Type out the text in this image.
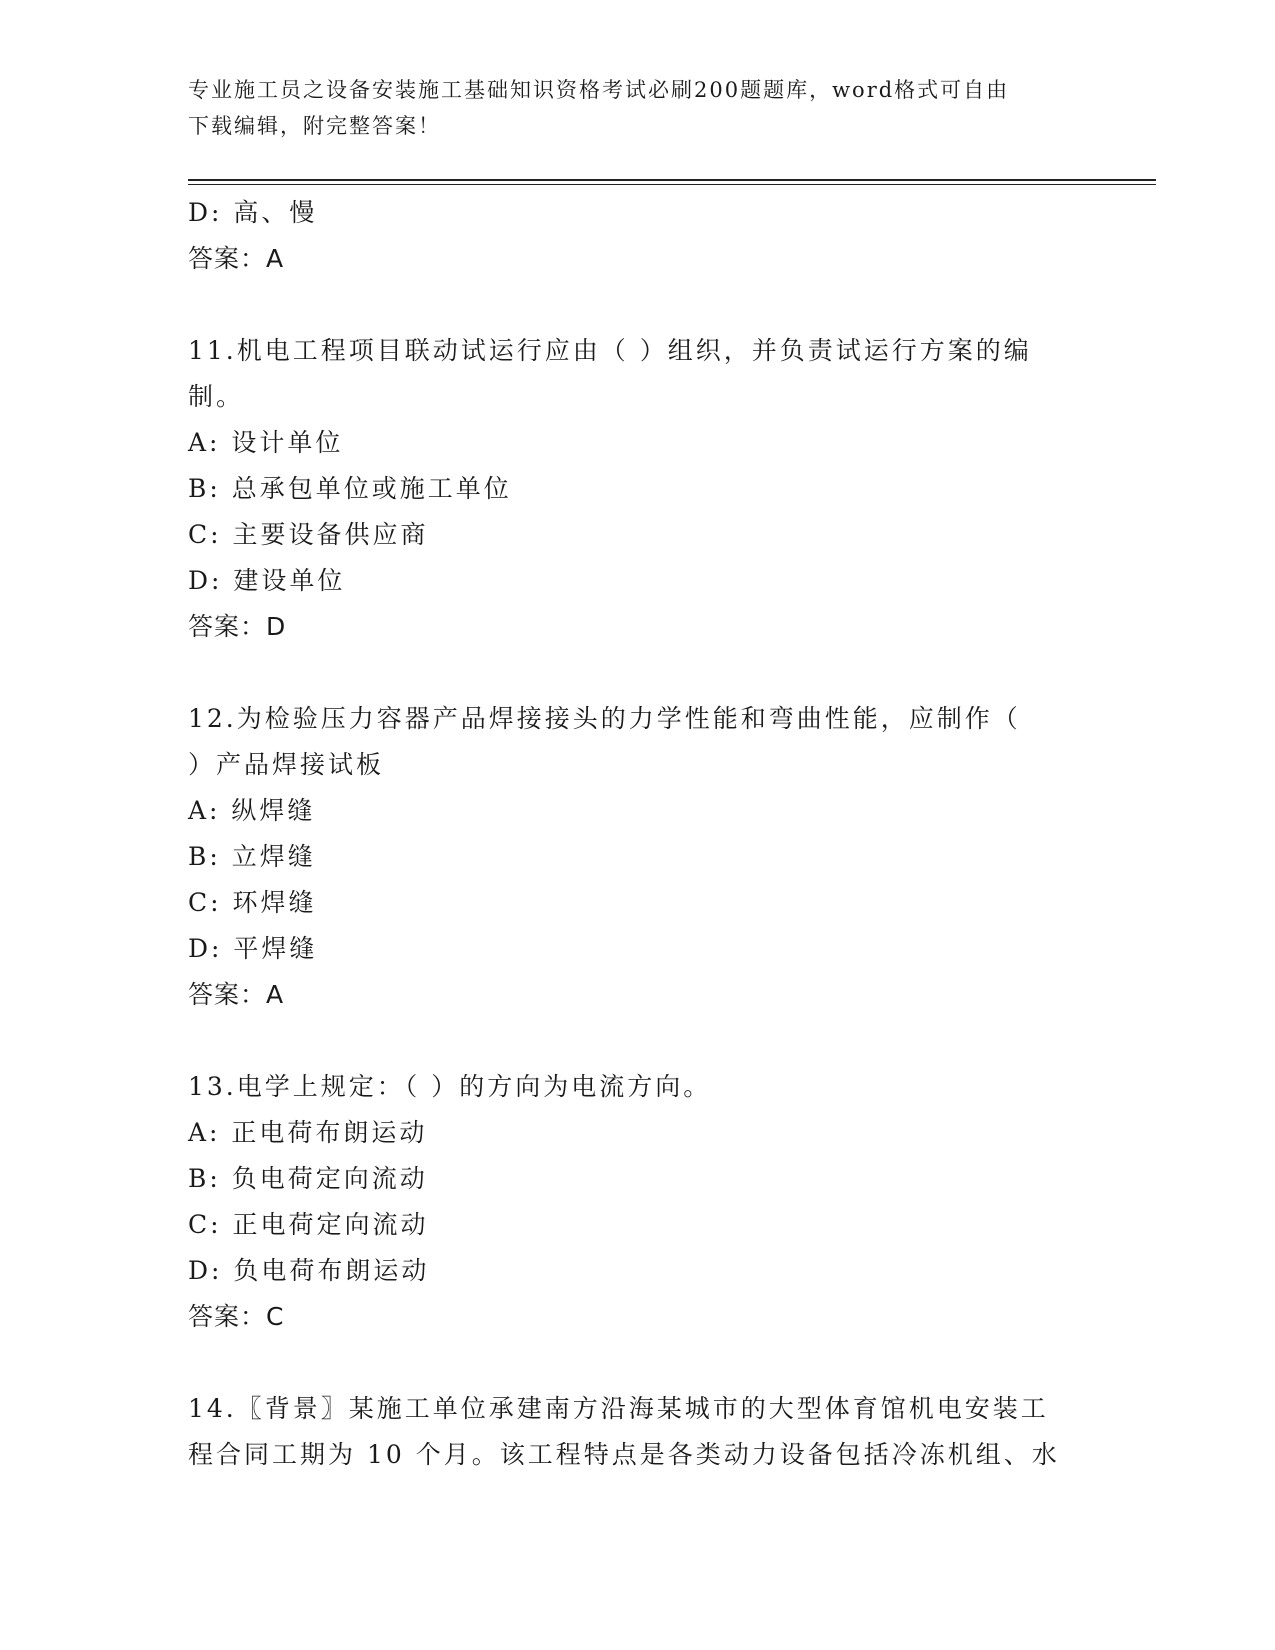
专业施工员之设备安装施工基础知识资格考试必刷200题题库，word格式可自由
下载编辑，附完整答案！
D: 高、慢
答案：A
11.机电工程项目联动试运行应由（ ）组织，并负责试运行方案的编
制。
A: 设计单位
B: 总承包单位或施工单位
C: 主要设备供应商
D: 建设单位
答案：D
12.为检验压力容器产品焊接接头的力学性能和弯曲性能，应制作（
）产品焊接试板
A: 纵焊缝
B: 立焊缝
C: 环焊缝
D: 平焊缝
答案：A
13.电学上规定：（ ）的方向为电流方向。
A: 正电荷布朗运动
B: 负电荷定向流动
C: 正电荷定向流动
D: 负电荷布朗运动
答案：C
14.〖背景〗某施工单位承建南方沿海某城市的大型体育馆机电安装工
程合同工期为 10 个月。该工程特点是各类动力设备包括冷冻机组、水
